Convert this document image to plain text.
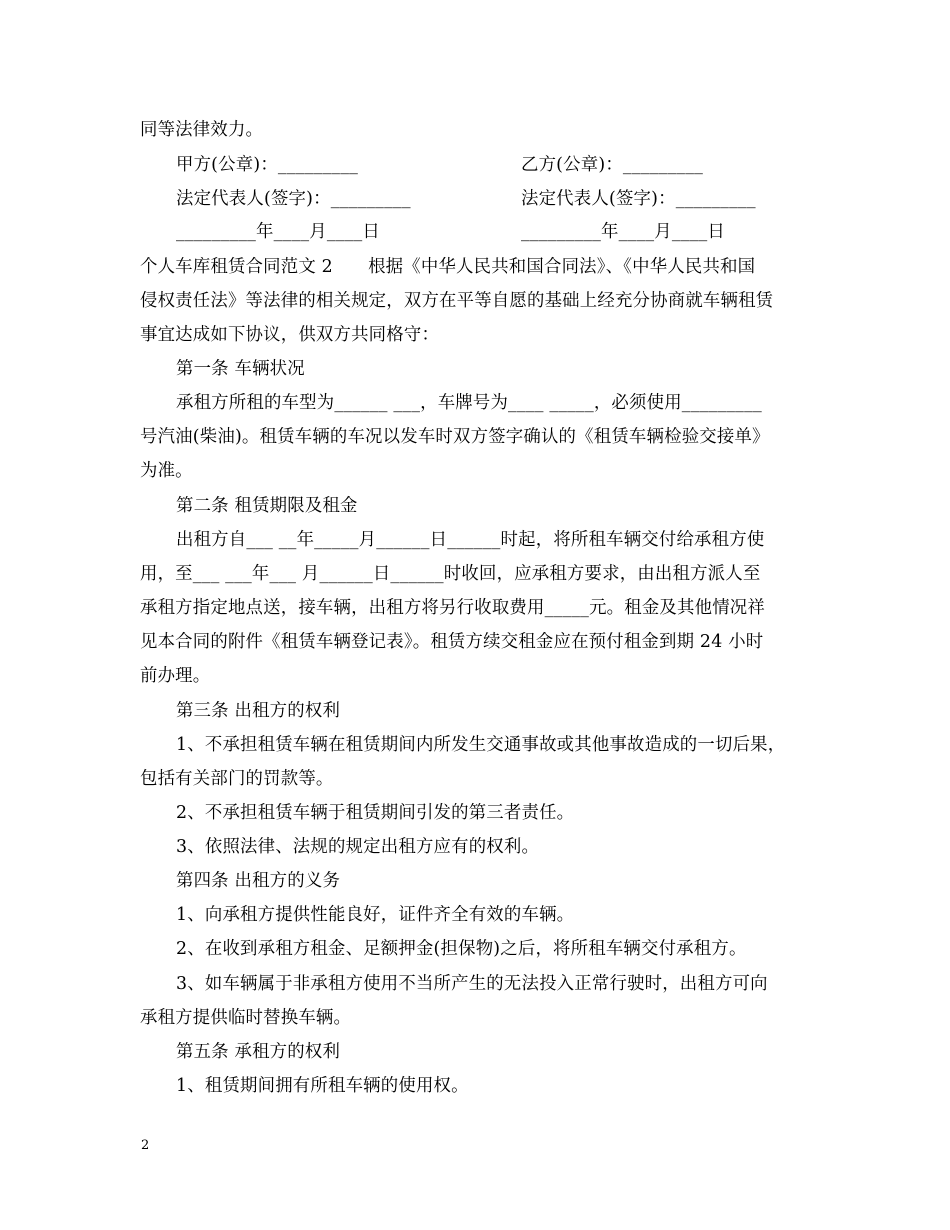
同等法律效力。
甲方(公章)：_________	乙方(公章)：_________
法定代表人(签字)：_________	法定代表人(签字)：_________
_________年____月____日	_________年____月____日
个人车库租赁合同范文 2　　根据《中华人民共和国合同法》、《中华人民共和国
侵权责任法》等法律的相关规定，双方在平等自愿的基础上经充分协商就车辆租赁
事宜达成如下协议，供双方共同格守：
第一条 车辆状况
承租方所租的车型为______ ___，车牌号为____ _____，必须使用_________
号汽油(柴油)。租赁车辆的车况以发车时双方签字确认的《租赁车辆检验交接单》
为准。
第二条 租赁期限及租金
出租方自___ __年_____月______日______时起，将所租车辆交付给承租方使
用，至___ ___年___ 月______日______时收回，应承租方要求，由出租方派人至
承租方指定地点送，接车辆，出租方将另行收取费用_____元。租金及其他情况祥
见本合同的附件《租赁车辆登记表》。租赁方续交租金应在预付租金到期 24 小时
前办理。
第三条 出租方的权利
1、不承担租赁车辆在租赁期间内所发生交通事故或其他事故造成的一切后果，
包括有关部门的罚款等。
2、不承担租赁车辆于租赁期间引发的第三者责任。
3、依照法律、法规的规定出租方应有的权利。
第四条 出租方的义务
1、向承租方提供性能良好，证件齐全有效的车辆。
2、在收到承租方租金、足额押金(担保物)之后，将所租车辆交付承租方。
3、如车辆属于非承租方使用不当所产生的无法投入正常行驶时，出租方可向
承租方提供临时替换车辆。
第五条 承租方的权利
1、租赁期间拥有所租车辆的使用权。
2
